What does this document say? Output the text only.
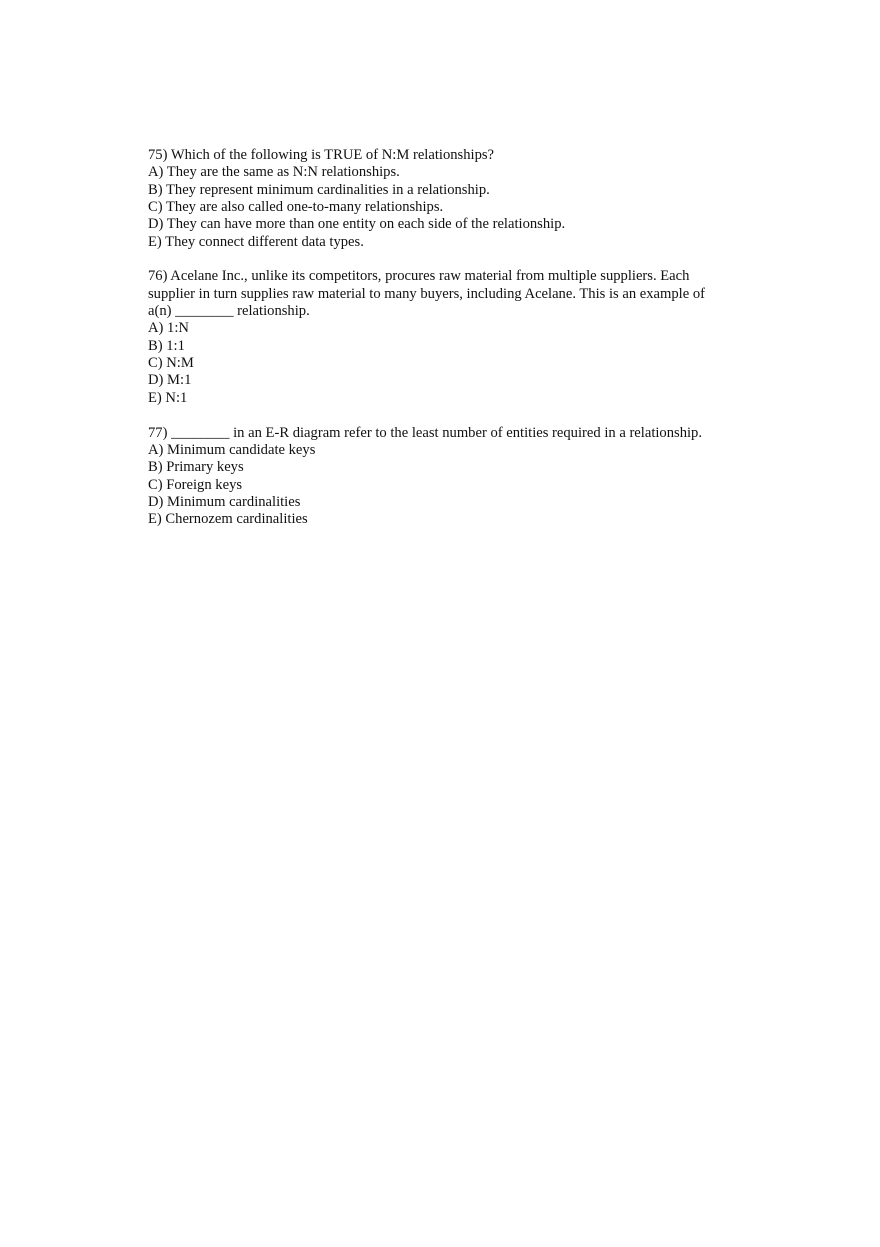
75) Which of the following is TRUE of N:M relationships?
A) They are the same as N:N relationships.
B) They represent minimum cardinalities in a relationship.
C) They are also called one-to-many relationships.
D) They can have more than one entity on each side of the relationship.
E) They connect different data types.
76) Acelane Inc., unlike its competitors, procures raw material from multiple suppliers. Each
supplier in turn supplies raw material to many buyers, including Acelane. This is an example of
a(n) ________ relationship.
A) 1:N
B) 1:1
C) N:M
D) M:1
E) N:1
77) ________ in an E-R diagram refer to the least number of entities required in a relationship.
A) Minimum candidate keys
B) Primary keys
C) Foreign keys
D) Minimum cardinalities
E) Chernozem cardinalities
